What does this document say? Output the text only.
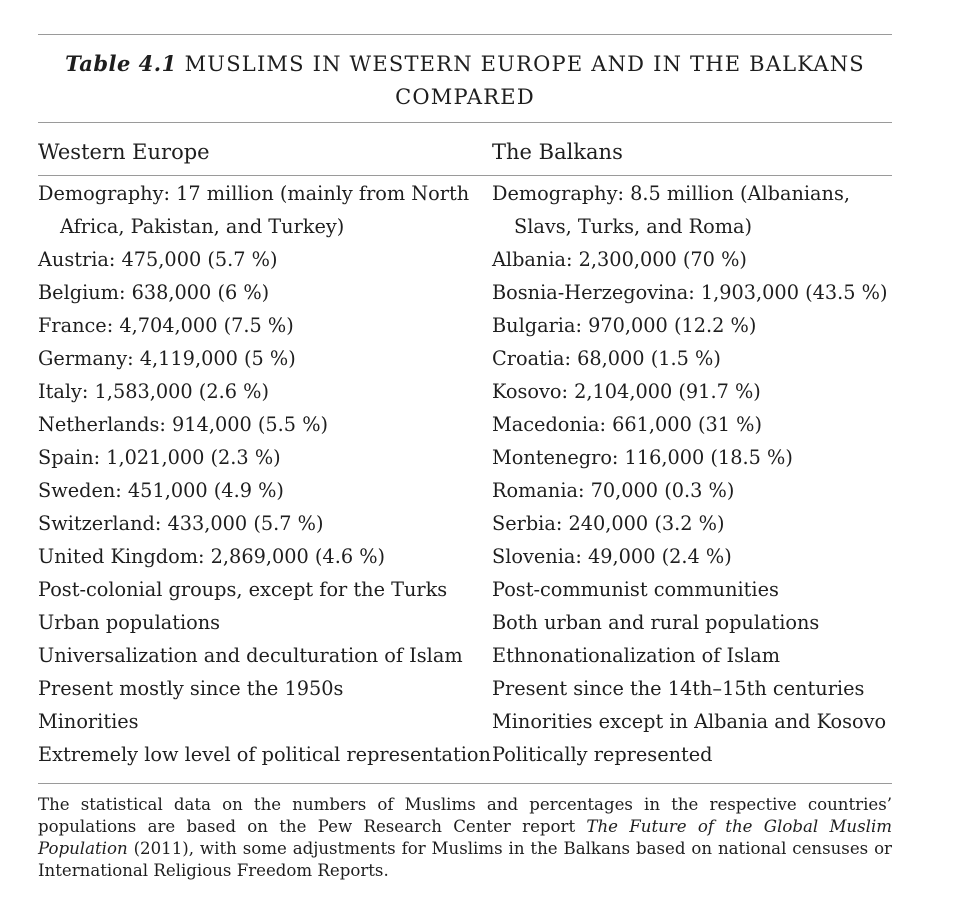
Table 4.1 MUSLIMS IN WESTERN EUROPE AND IN THE BALKANS
COMPARED
Western Europe	The Balkans
Demography: 17 million (mainly from North Africa, Pakistan, and Turkey)
Austria: 475,000 (5.7 %)
Belgium: 638,000 (6 %)
France: 4,704,000 (7.5 %)
Germany: 4,119,000 (5 %)
Italy: 1,583,000 (2.6 %)
Netherlands: 914,000 (5.5 %)
Spain: 1,021,000 (2.3 %)
Sweden: 451,000 (4.9 %)
Switzerland: 433,000 (5.7 %)
United Kingdom: 2,869,000 (4.6 %)
Post-colonial groups, except for the Turks
Urban populations
Universalization and deculturation of Islam
Present mostly since the 1950s
Minorities
Extremely low level of political representation
Demography: 8.5 million (Albanians, Slavs, Turks, and Roma)
Albania: 2,300,000 (70 %)
Bosnia-Herzegovina: 1,903,000 (43.5 %)
Bulgaria: 970,000 (12.2 %)
Croatia: 68,000 (1.5 %)
Kosovo: 2,104,000 (91.7 %)
Macedonia: 661,000 (31 %)
Montenegro: 116,000 (18.5 %)
Romania: 70,000 (0.3 %)
Serbia: 240,000 (3.2 %)
Slovenia: 49,000 (2.4 %)
Post-communist communities
Both urban and rural populations
Ethnonationalization of Islam
Present since the 14th–15th centuries
Minorities except in Albania and Kosovo
Politically represented
The statistical data on the numbers of Muslims and percentages in the respective countries’ populations are based on the Pew Research Center report The Future of the Global Muslim Population (2011), with some adjustments for Muslims in the Balkans based on national censuses or International Religious Freedom Reports.
